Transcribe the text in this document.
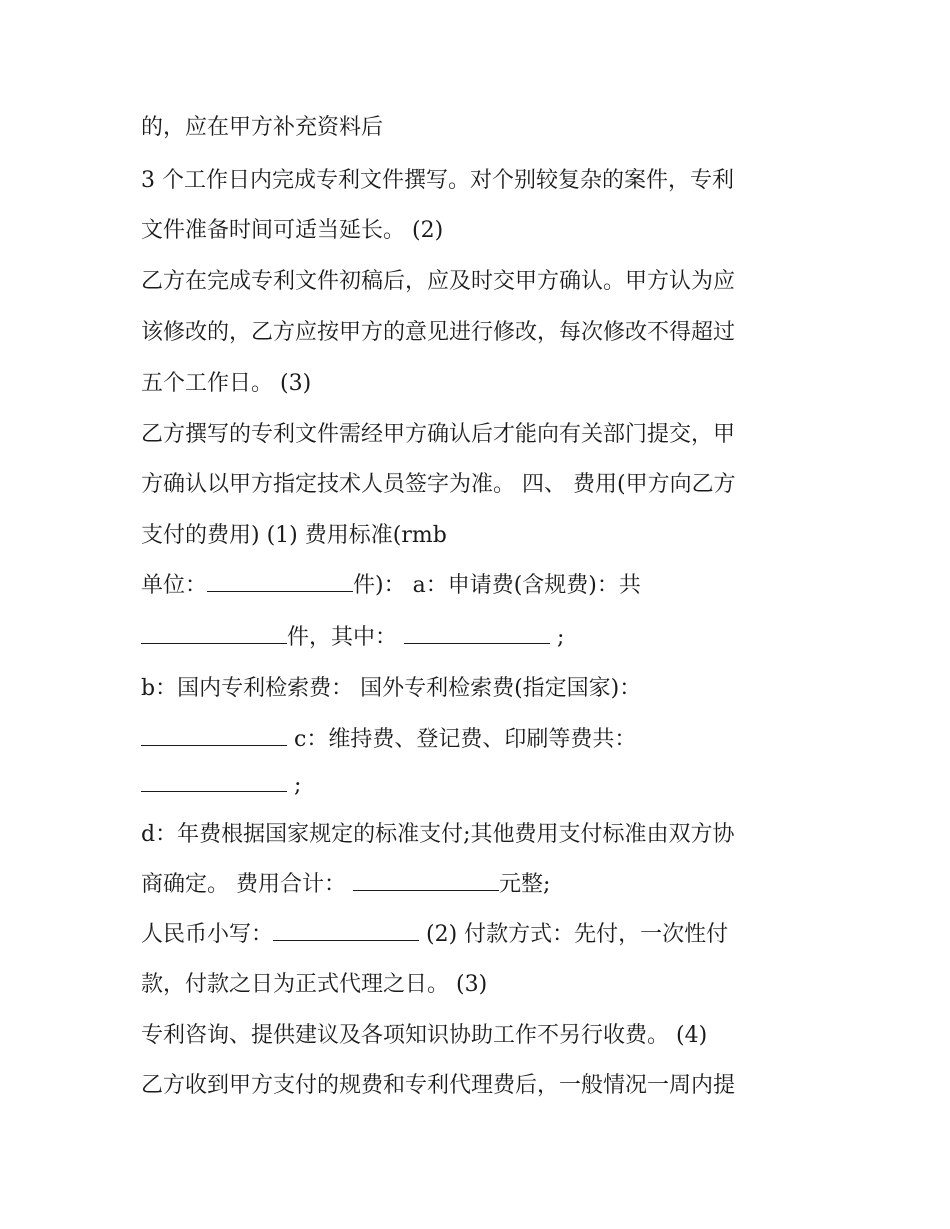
的，应在甲方补充资料后
3 个工作日内完成专利文件撰写。对个别较复杂的案件，专利
文件准备时间可适当延长。 (2)
乙方在完成专利文件初稿后，应及时交甲方确认。甲方认为应
该修改的，乙方应按甲方的意见进行修改，每次修改不得超过
五个工作日。 (3)
乙方撰写的专利文件需经甲方确认后才能向有关部门提交，甲
方确认以甲方指定技术人员签字为准。 四、 费用(甲方向乙方
支付的费用) (1) 费用标准(rmb
单位：	件)： a：申请费(含规费)：共
件，其中：	;
b：国内专利检索费： 国外专利检索费(指定国家)：
c：维持费、登记费、印刷等费共：
;
d：年费根据国家规定的标准支付;其他费用支付标准由双方协
商确定。 费用合计：	元整;
人民币小写：	(2) 付款方式：先付，一次性付
款，付款之日为正式代理之日。 (3)
专利咨询、提供建议及各项知识协助工作不另行收费。 (4)
乙方收到甲方支付的规费和专利代理费后，一般情况一周内提
